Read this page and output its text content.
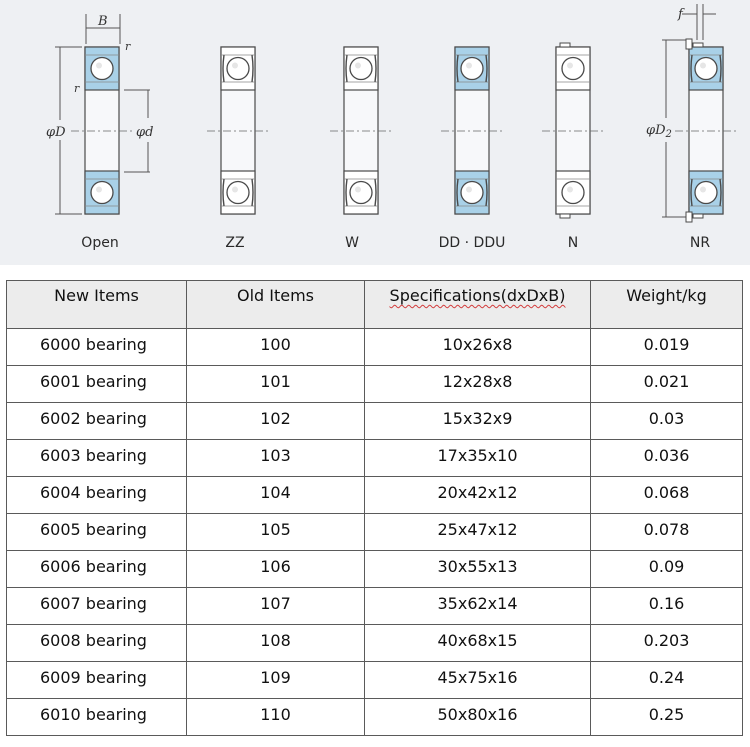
B
r
r
φD	φd	$\varphi D_2$
f
Open	ZZ	W	DD · DDU	N	NR
New Items	Old Items	Specifications(dxDxB)	Weight/kg
6000 bearing	100	10x26x8	0.019
6001 bearing	101	12x28x8	0.021
6002 bearing	102	15x32x9	0.03
6003 bearing	103	17x35x10	0.036
6004 bearing	104	20x42x12	0.068
6005 bearing	105	25x47x12	0.078
6006 bearing	106	30x55x13	0.09
6007 bearing	107	35x62x14	0.16
6008 bearing	108	40x68x15	0.203
6009 bearing	109	45x75x16	0.24
6010 bearing	110	50x80x16	0.25
